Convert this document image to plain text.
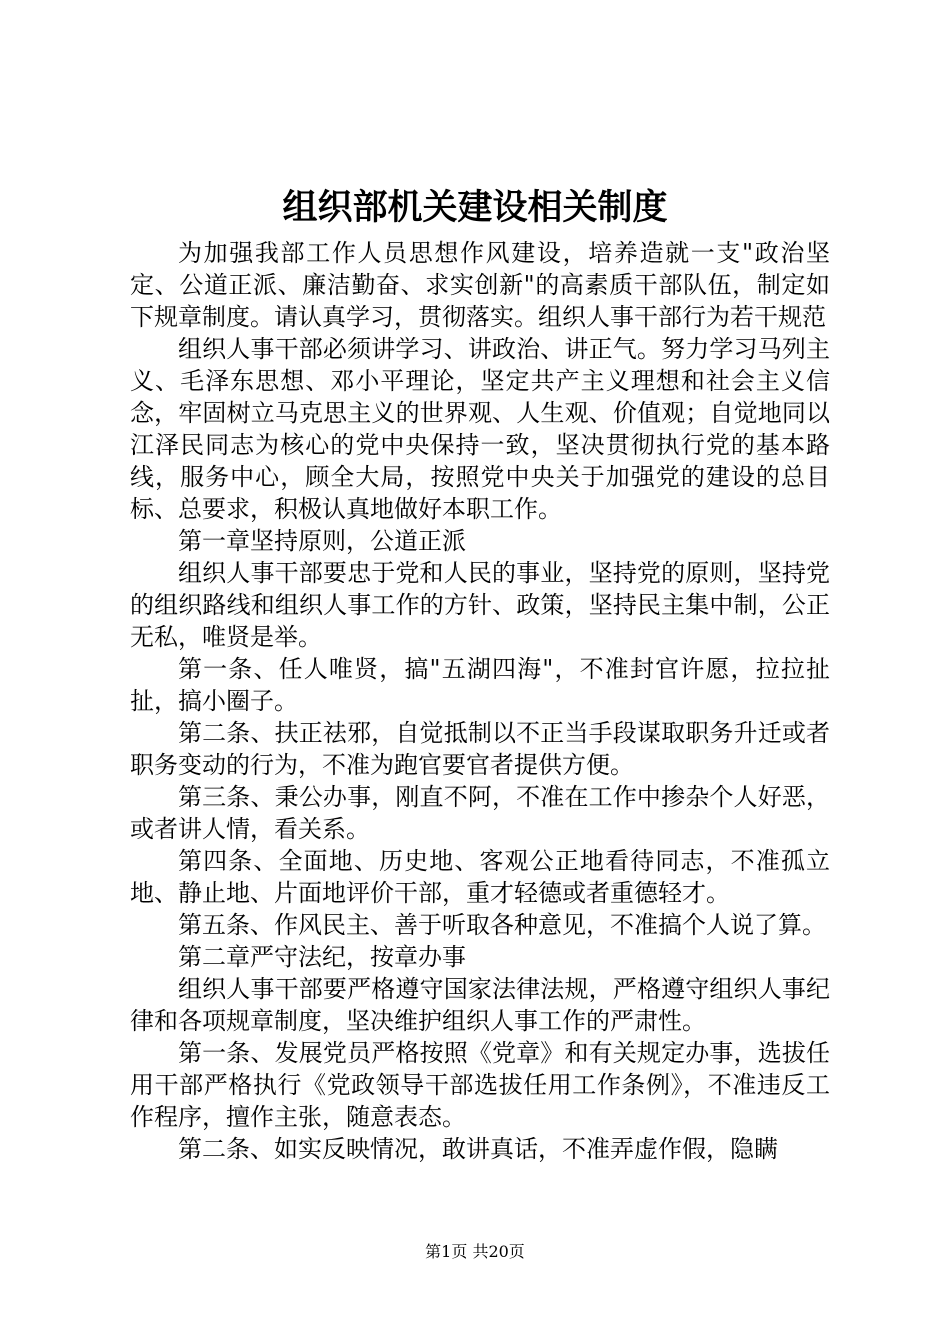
组织部机关建设相关制度

为加强我部工作人员思想作风建设，培养造就一支"政治坚定、公道正派、廉洁勤奋、求实创新"的高素质干部队伍，制定如下规章制度。请认真学习，贯彻落实。组织人事干部行为若干规范

组织人事干部必须讲学习、讲政治、讲正气。努力学习马列主义、毛泽东思想、邓小平理论，坚定共产主义理想和社会主义信念，牢固树立马克思主义的世界观、人生观、价值观；自觉地同以江泽民同志为核心的党中央保持一致，坚决贯彻执行党的基本路线，服务中心，顾全大局，按照党中央关于加强党的建设的总目标、总要求，积极认真地做好本职工作。

第一章坚持原则，公道正派

组织人事干部要忠于党和人民的事业，坚持党的原则，坚持党的组织路线和组织人事工作的方针、政策，坚持民主集中制，公正无私，唯贤是举。

第一条、任人唯贤，搞"五湖四海"，不准封官许愿，拉拉扯扯，搞小圈子。

第二条、扶正祛邪，自觉抵制以不正当手段谋取职务升迁或者职务变动的行为，不准为跑官要官者提供方便。

第三条、秉公办事，刚直不阿，不准在工作中掺杂个人好恶，或者讲人情，看关系。

第四条、全面地、历史地、客观公正地看待同志，不准孤立地、静止地、片面地评价干部，重才轻德或者重德轻才。

第五条、作风民主、善于听取各种意见，不准搞个人说了算。

第二章严守法纪，按章办事

组织人事干部要严格遵守国家法律法规，严格遵守组织人事纪律和各项规章制度，坚决维护组织人事工作的严肃性。

第一条、发展党员严格按照《党章》和有关规定办事，选拔任用干部严格执行《党政领导干部选拔任用工作条例》，不准违反工作程序，擅作主张，随意表态。

第二条、如实反映情况，敢讲真话，不准弄虚作假，隐瞒

第1页 共20页
